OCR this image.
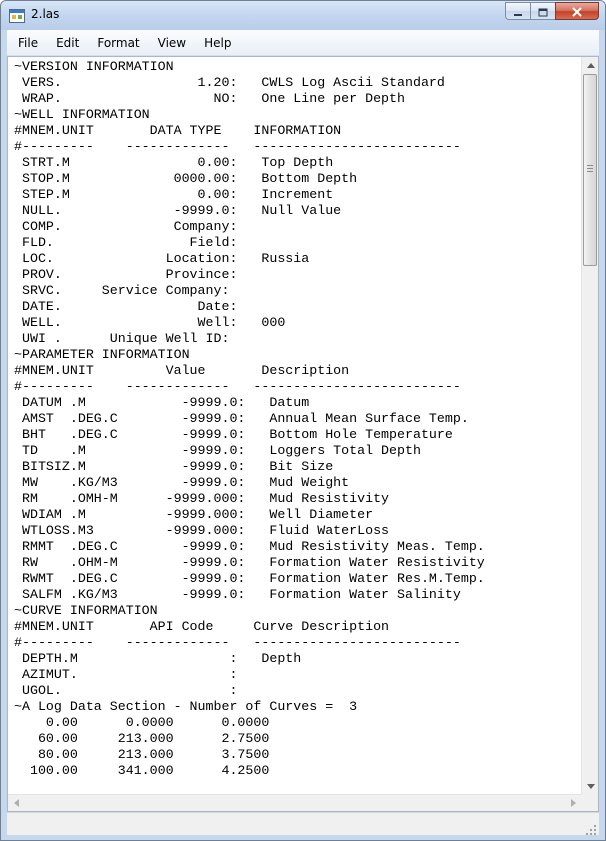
2.las
File	Edit	Format	View	Help
~VERSION INFORMATION
VERS.                 1.20:   CWLS Log Ascii Standard
WRAP.                   NO:   One Line per Depth
~WELL INFORMATION
#MNEM.UNIT       DATA TYPE    INFORMATION
#---------    -------------   --------------------------
STRT.M                0.00:   Top Depth
STOP.M             0000.00:   Bottom Depth
STEP.M                0.00:   Increment
NULL.              -9999.0:   Null Value
COMP.              Company:
FLD.                 Field:
LOC.              Location:   Russia
PROV.             Province:
SRVC.     Service Company:
DATE.                 Date:
WELL.                 Well:   000
UWI .      Unique Well ID:
~PARAMETER INFORMATION
#MNEM.UNIT         Value       Description
#---------    -------------   --------------------------
DATUM .M            -9999.0:   Datum
AMST  .DEG.C        -9999.0:   Annual Mean Surface Temp.
BHT   .DEG.C        -9999.0:   Bottom Hole Temperature
TD    .M            -9999.0:   Loggers Total Depth
BITSIZ.M            -9999.0:   Bit Size
MW    .KG/M3        -9999.0:   Mud Weight
RM    .OMH-M      -9999.000:   Mud Resistivity
WDIAM .M          -9999.000:   Well Diameter
WTLOSS.M3         -9999.000:   Fluid WaterLoss
RMMT  .DEG.C        -9999.0:   Mud Resistivity Meas. Temp.
RW    .OHM-M        -9999.0:   Formation Water Resistivity
RWMT  .DEG.C        -9999.0:   Formation Water Res.M.Temp.
SALFM .KG/M3        -9999.0:   Formation Water Salinity
~CURVE INFORMATION
#MNEM.UNIT       API Code     Curve Description
#---------    -------------   --------------------------
DEPTH.M                   :   Depth
AZIMUT.                   :
UGOL.                     :
~A Log Data Section - Number of Curves =  3
0.00      0.0000      0.0000
60.00     213.000      2.7500
80.00     213.000      3.7500
100.00     341.000      4.2500
